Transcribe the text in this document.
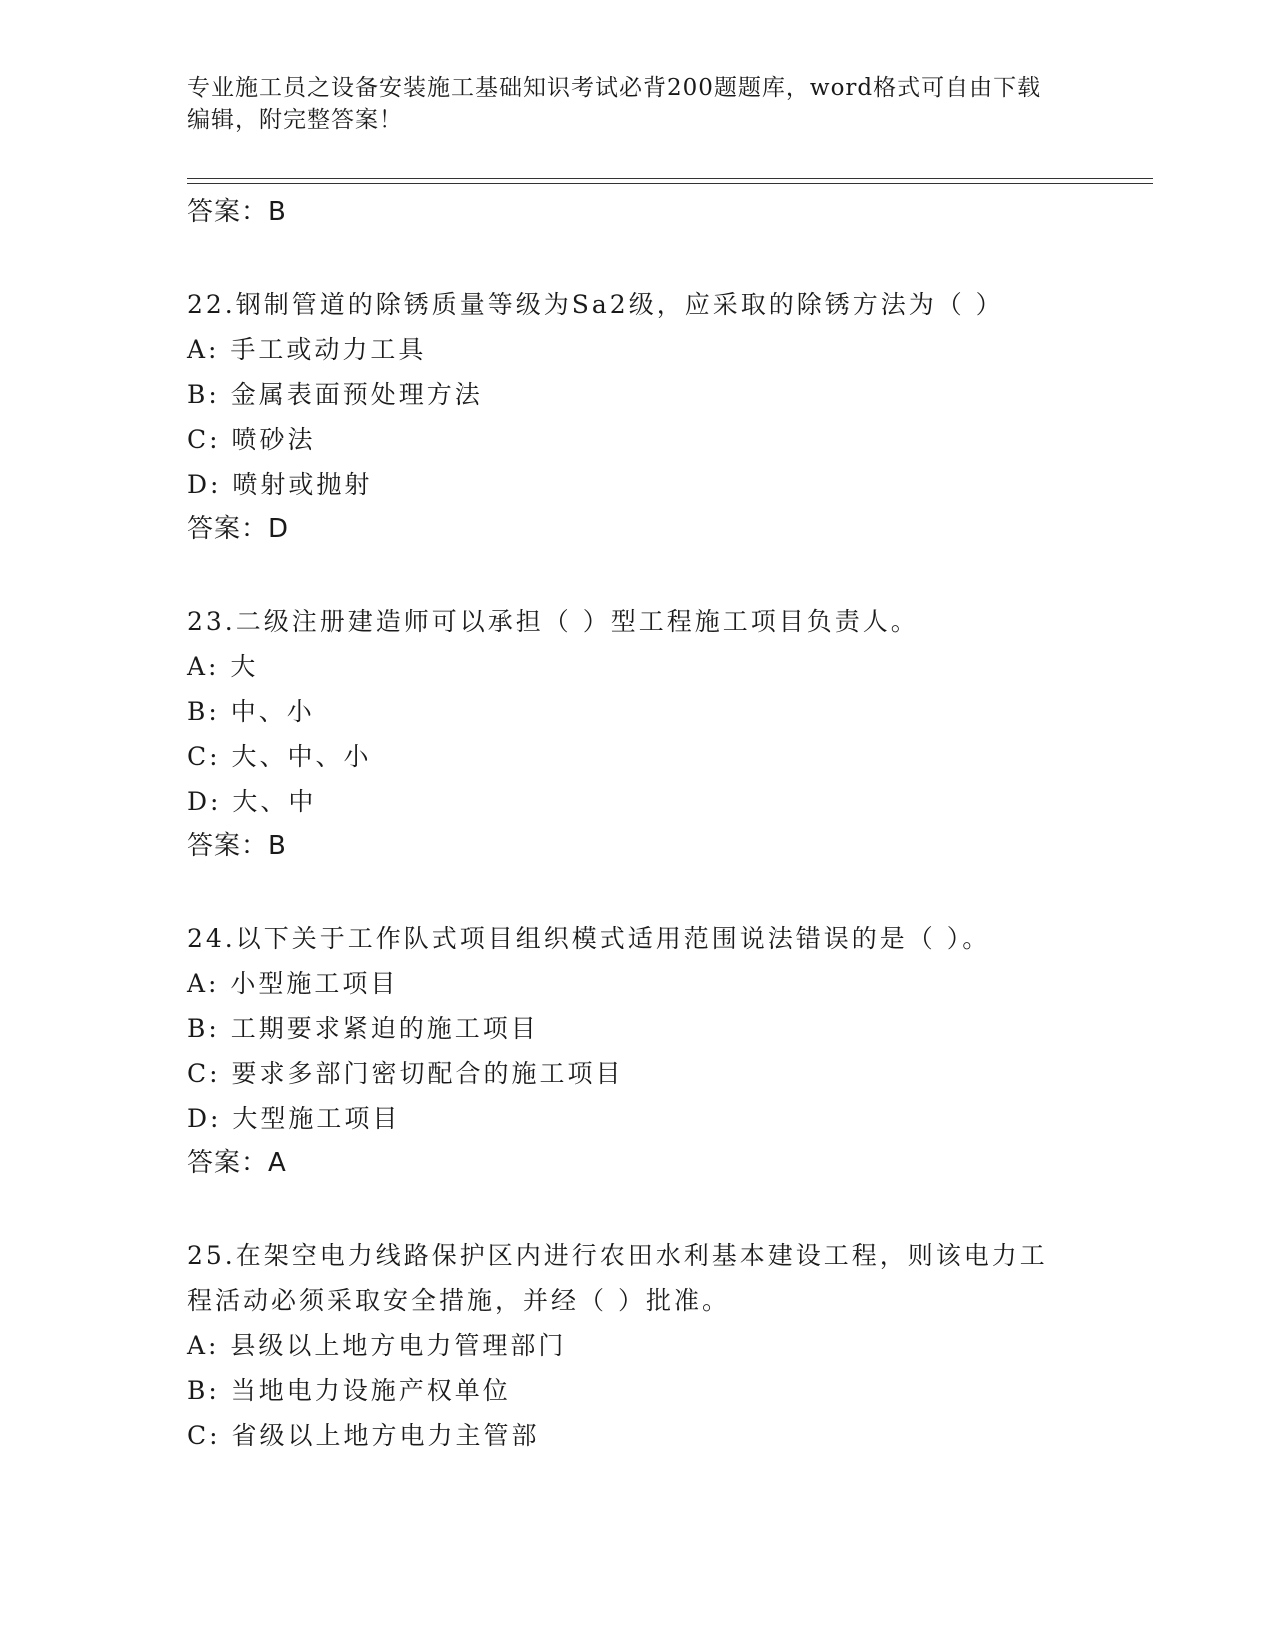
专业施工员之设备安装施工基础知识考试必背200题题库，word格式可自由下载
编辑，附完整答案！
答案：B
22.钢制管道的除锈质量等级为Sa2级，应采取的除锈方法为（ ）
A: 手工或动力工具
B: 金属表面预处理方法
C: 喷砂法
D: 喷射或抛射
答案：D
23.二级注册建造师可以承担（ ）型工程施工项目负责人。
A: 大
B: 中、小
C: 大、中、小
D: 大、中
答案：B
24.以下关于工作队式项目组织模式适用范围说法错误的是（ ）。
A: 小型施工项目
B: 工期要求紧迫的施工项目
C: 要求多部门密切配合的施工项目
D: 大型施工项目
答案：A
25.在架空电力线路保护区内进行农田水利基本建设工程，则该电力工
程活动必须采取安全措施，并经（ ）批准。
A: 县级以上地方电力管理部门
B: 当地电力设施产权单位
C: 省级以上地方电力主管部
